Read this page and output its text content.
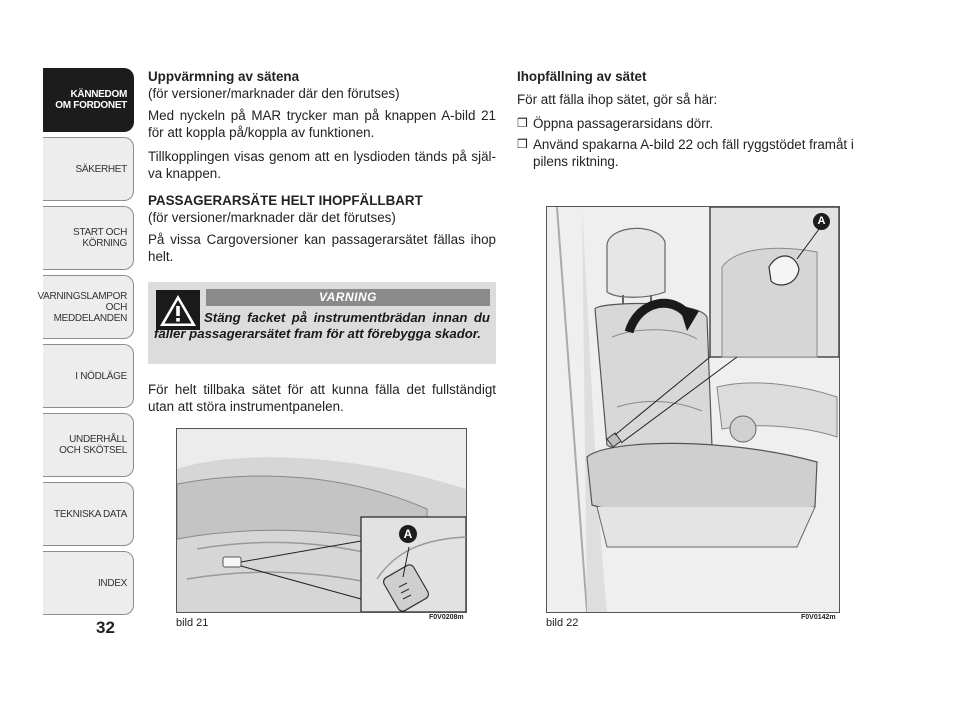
KÄNNEDOM
OM FORDONET
SÄKERHET
START OCH
KÖRNING
VARNINGSLAMPOR
OCH
MEDDELANDEN
I NÖDLÄGE
UNDERHÅLL
OCH SKÖTSEL
TEKNISKA DATA
INDEX
32
Uppvärmning av sätena

(för versioner/marknader där den förutses)

Med nyckeln på MAR trycker man på knappen A-bild 21 för att koppla på/koppla av funktionen.

Tillkopplingen visas genom att en lysdioden tänds på själva knappen.

PASSAGERARSÄTE HELT IHOPFÄLLBART

(för versioner/marknader där det förutses)

På vissa Cargoversioner kan passagerarsätet fällas ihop helt.

VARNING
Stäng facket på instrumentbrädan innan du fäller passagerarsätet fram för att förebygga skador.

För helt tillbaka sätet för att kunna fälla det fullständigt utan att störa instrumentpanelen.

Ihopfällning av sätet

För att fälla ihop sätet, gör så här:

❒ Öppna passagerarsidans dörr.
❒ Använd spakarna A-bild 22 och fäll ryggstödet framåt i pilens riktning.
A
bild 21	F0V0208m
A
bild 22	F0V0142m
